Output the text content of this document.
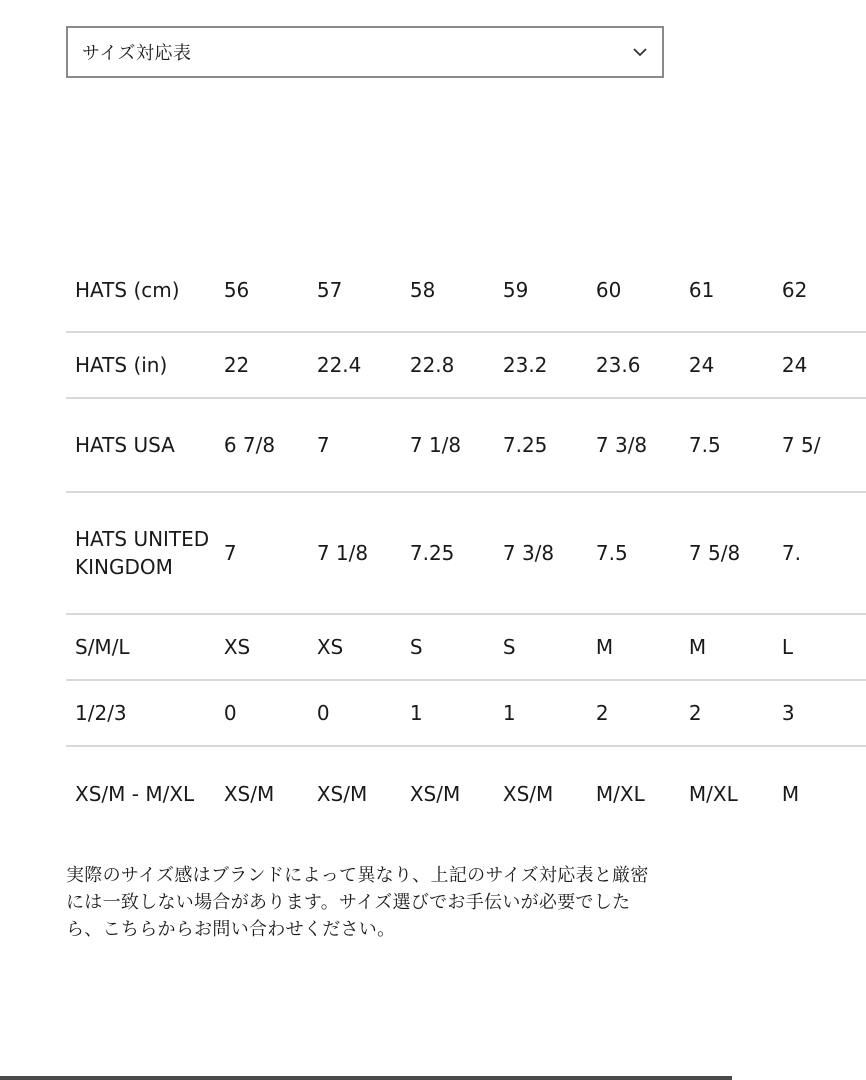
サイズ対応表
HATS (cm)	56	57	58	59	60	61	62
HATS (in)	22	22.4	22.8	23.2	23.6	24	24
HATS USA	6 7/8	7	7 1/8	7.25	7 3/8	7.5	7 5/
HATS UNITED KINGDOM	7	7 1/8	7.25	7 3/8	7.5	7 5/8	7.
S/M/L	XS	XS	S	S	M	M	L
1/2/3	0	0	1	1	2	2	3
XS/M - M/XL	XS/M	XS/M	XS/M	XS/M	M/XL	M/XL	M
実際のサイズ感はブランドによって異なり、上記のサイズ対応表と厳密には一致しない場合があります。サイズ選びでお手伝いが必要でしたら、こちらからお問い合わせください。
